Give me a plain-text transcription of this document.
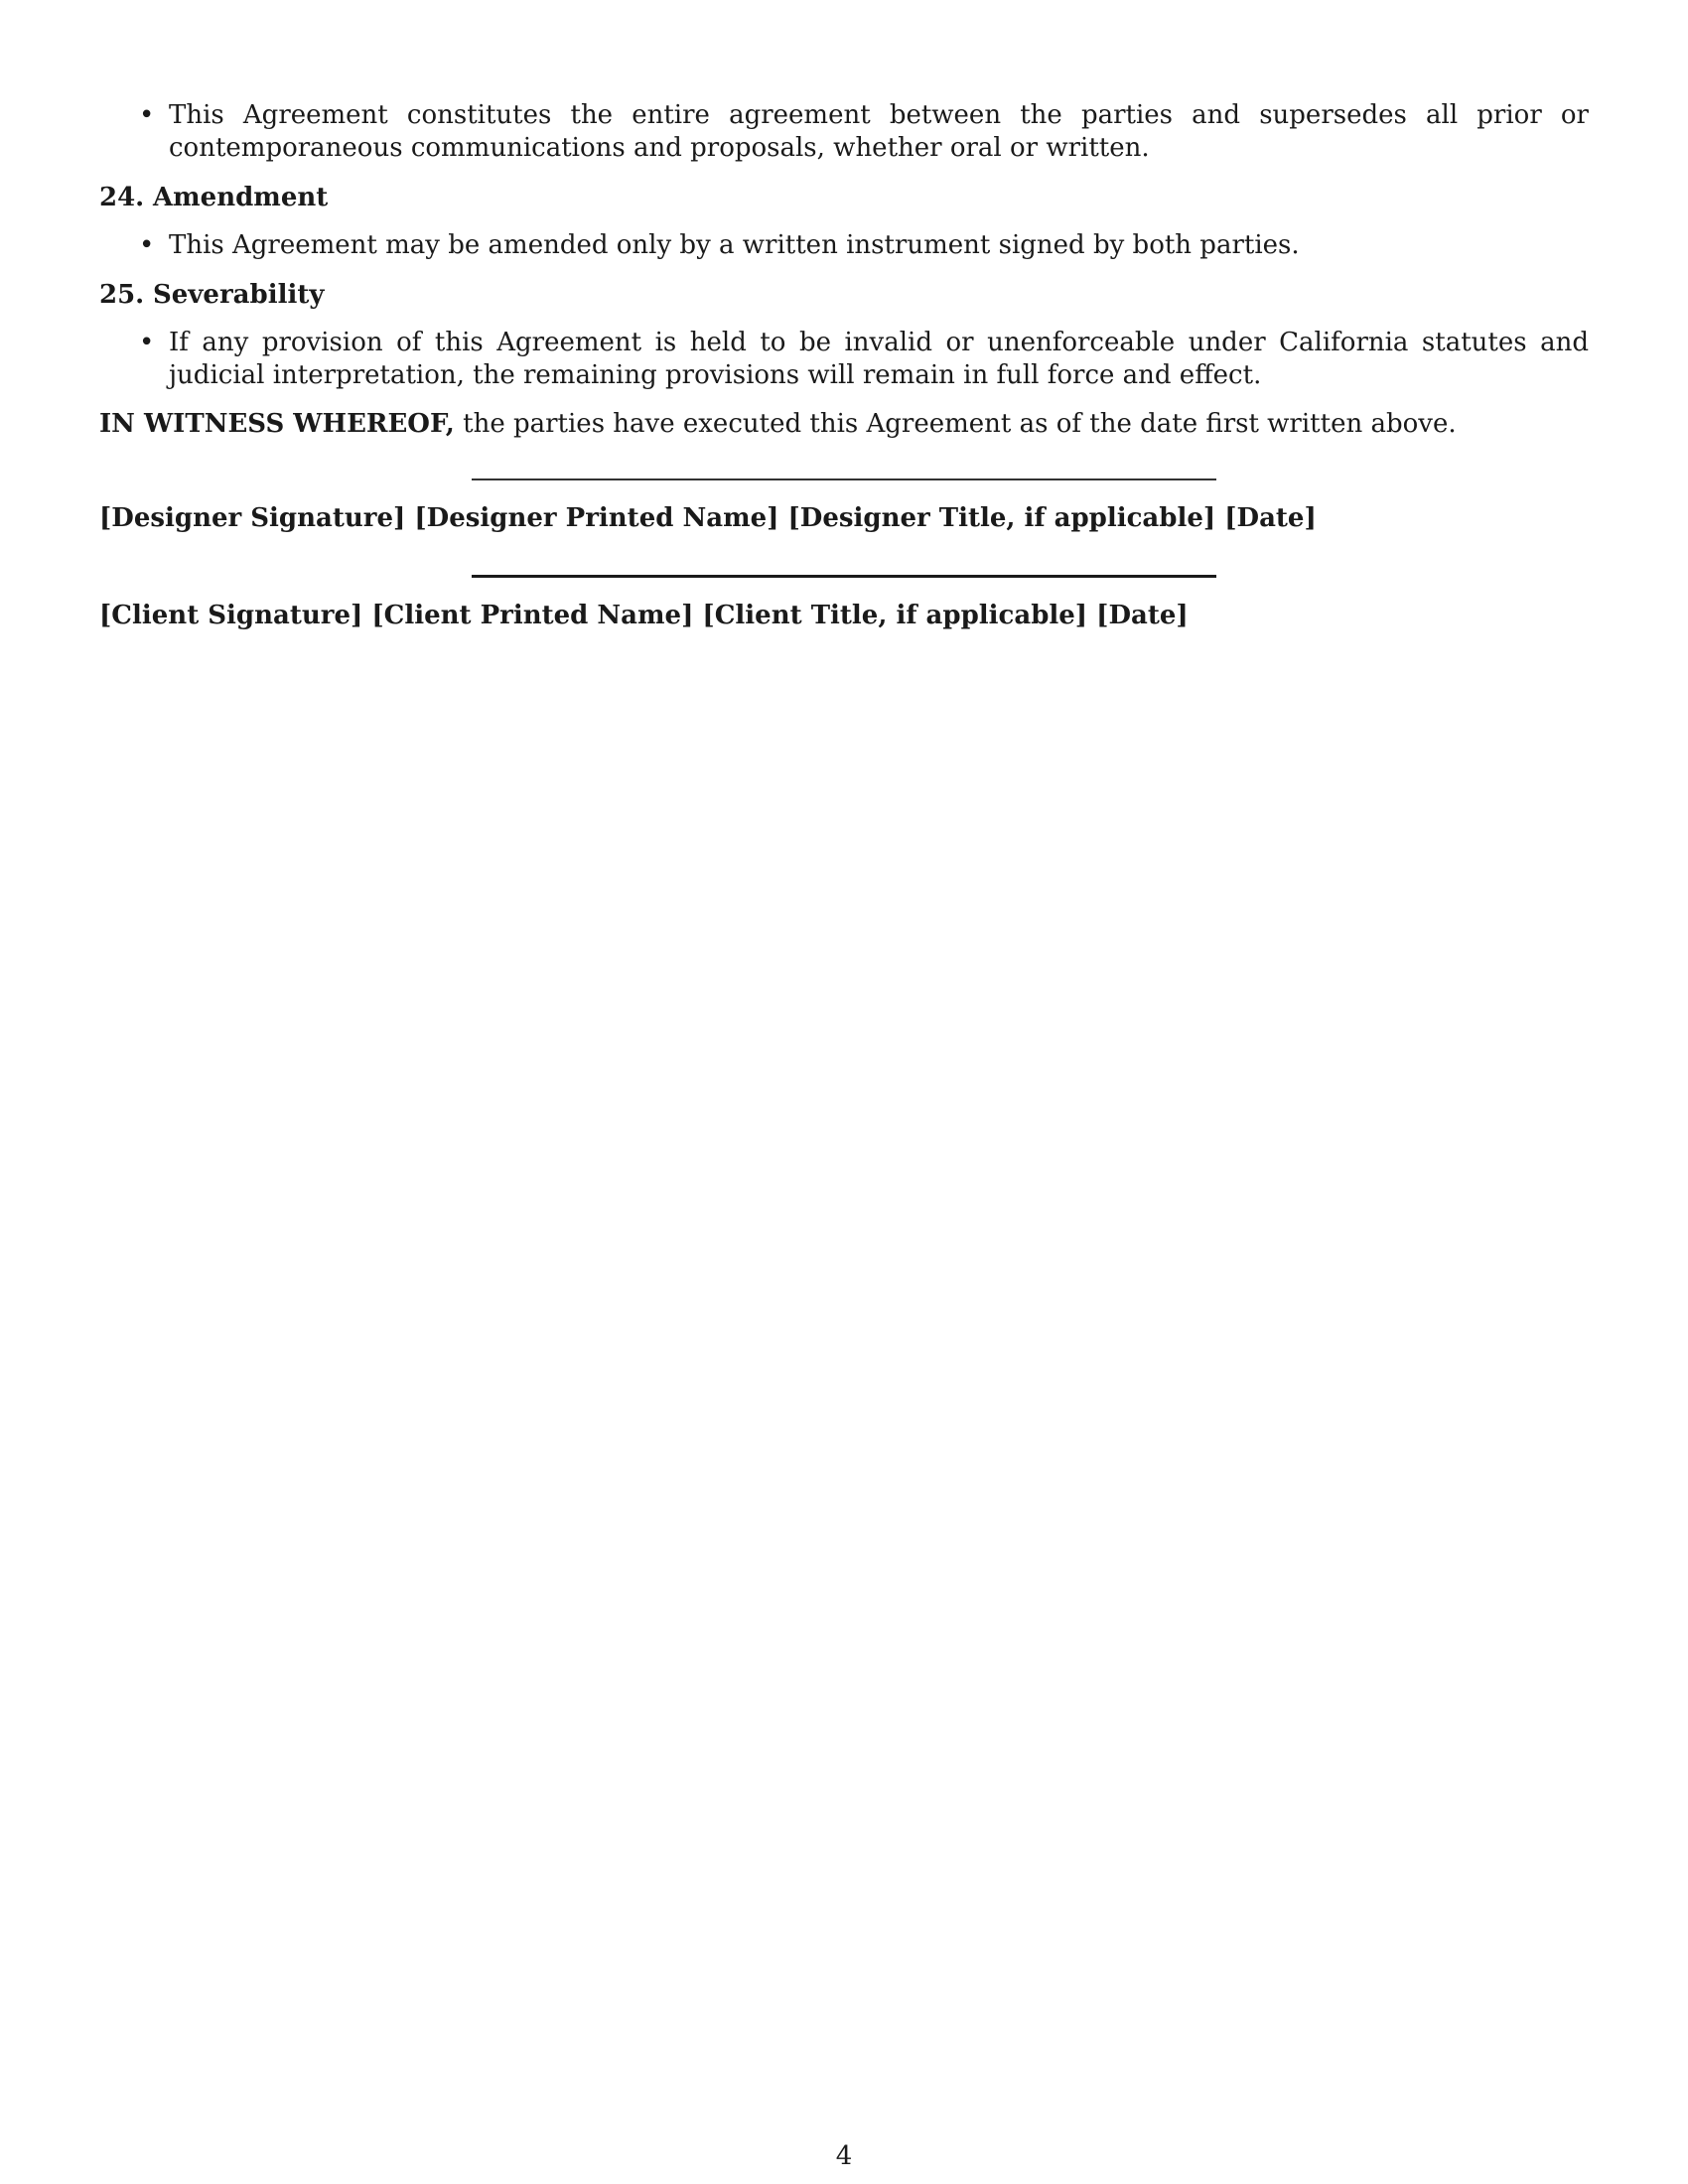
• This Agreement constitutes the entire agreement between the parties and supersedes all prior or contemporaneous communications and proposals, whether oral or written.
24. Amendment
• This Agreement may be amended only by a written instrument signed by both parties.
25. Severability
• If any provision of this Agreement is held to be invalid or unenforceable under California statutes and judicial interpretation, the remaining provisions will remain in full force and effect.
IN WITNESS WHEREOF, the parties have executed this Agreement as of the date first written above.
[Designer Signature] [Designer Printed Name] [Designer Title, if applicable] [Date]
[Client Signature] [Client Printed Name] [Client Title, if applicable] [Date]
4
